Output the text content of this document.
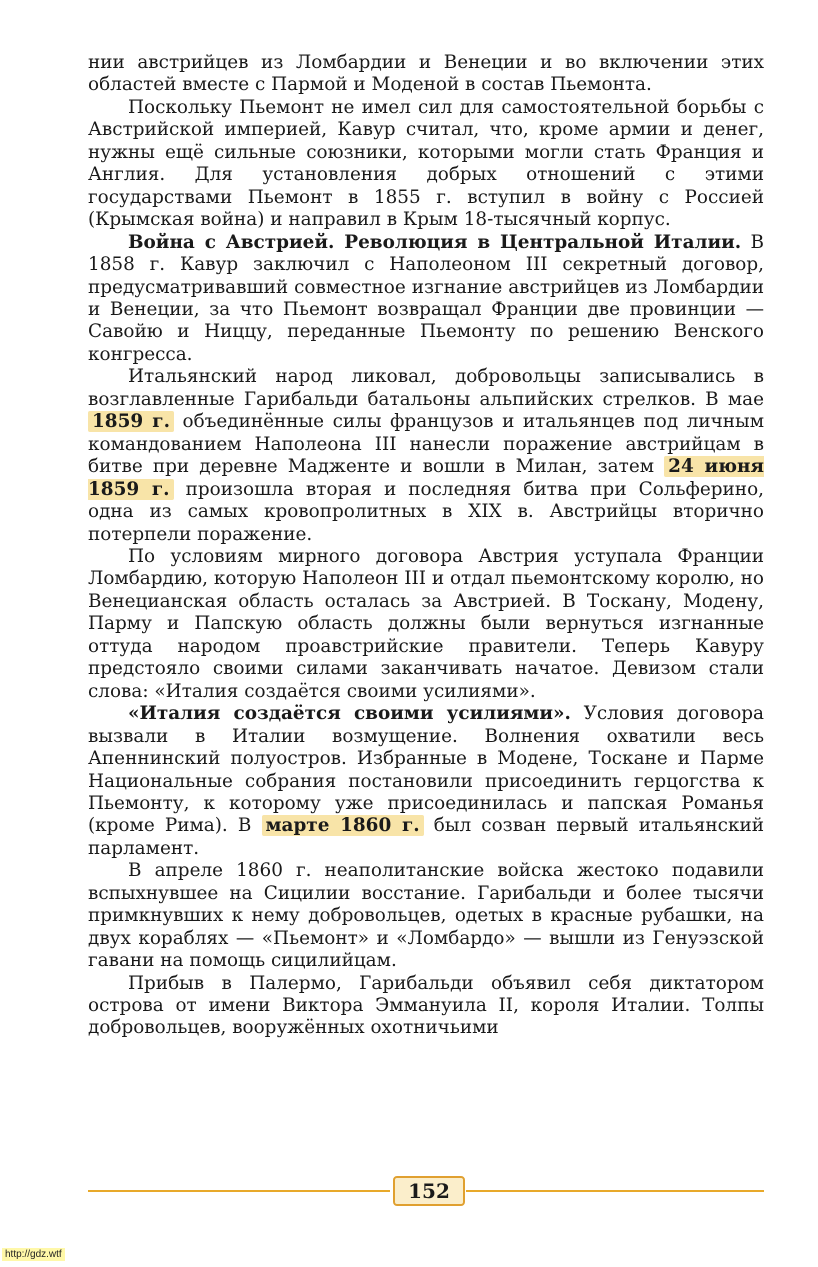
нии австрийцев из Ломбардии и Венеции и во включении этих областей вместе с Пармой и Моденой в состав Пьемонта.

Поскольку Пьемонт не имел сил для самостоятельной борьбы с Австрийской империей, Кавур считал, что, кроме армии и денег, нужны ещё сильные союзники, которыми могли стать Франция и Англия. Для установления добрых отношений с этими государствами Пьемонт в 1855 г. вступил в войну с Россией (Крымская война) и направил в Крым 18-тысячный корпус.

Война с Австрией. Революция в Центральной Италии. В 1858 г. Кавур заключил с Наполеоном III секретный договор, предусматривавший совместное изгнание австрийцев из Ломбардии и Венеции, за что Пьемонт возвращал Франции две провинции — Савойю и Ниццу, переданные Пьемонту по решению Венского конгресса.

Итальянский народ ликовал, добровольцы записывались в возглавленные Гарибальди батальоны альпийских стрелков. В мае 1859 г. объединённые силы французов и итальянцев под личным командованием Наполеона III нанесли поражение австрийцам в битве при деревне Мадженте и вошли в Милан, затем 24 июня 1859 г. произошла вторая и последняя битва при Сольферино, одна из самых кровопролитных в XIX в. Австрийцы вторично потерпели поражение.

По условиям мирного договора Австрия уступала Франции Ломбардию, которую Наполеон III и отдал пьемонтскому королю, но Венецианская область осталась за Австрией. В Тоскану, Модену, Парму и Папскую область должны были вернуться изгнанные оттуда народом проавстрийские правители. Теперь Кавуру предстояло своими силами заканчивать начатое. Девизом стали слова: «Италия создаётся своими усилиями».

«Италия создаётся своими усилиями». Условия договора вызвали в Италии возмущение. Волнения охватили весь Апеннинский полуостров. Избранные в Модене, Тоскане и Парме Национальные собрания постановили присоединить герцогства к Пьемонту, к которому уже присоединилась и папская Романья (кроме Рима). В марте 1860 г. был созван первый итальянский парламент.

В апреле 1860 г. неаполитанские войска жестоко подавили вспыхнувшее на Сицилии восстание. Гарибальди и более тысячи примкнувших к нему добровольцев, одетых в красные рубашки, на двух кораблях — «Пьемонт» и «Ломбардо» — вышли из Генуэзской гавани на помощь сицилийцам.

Прибыв в Палермо, Гарибальди объявил себя диктатором острова от имени Виктора Эммануила II, короля Италии. Толпы добровольцев, вооружённых охотничьими

152
http://gdz.wtf
